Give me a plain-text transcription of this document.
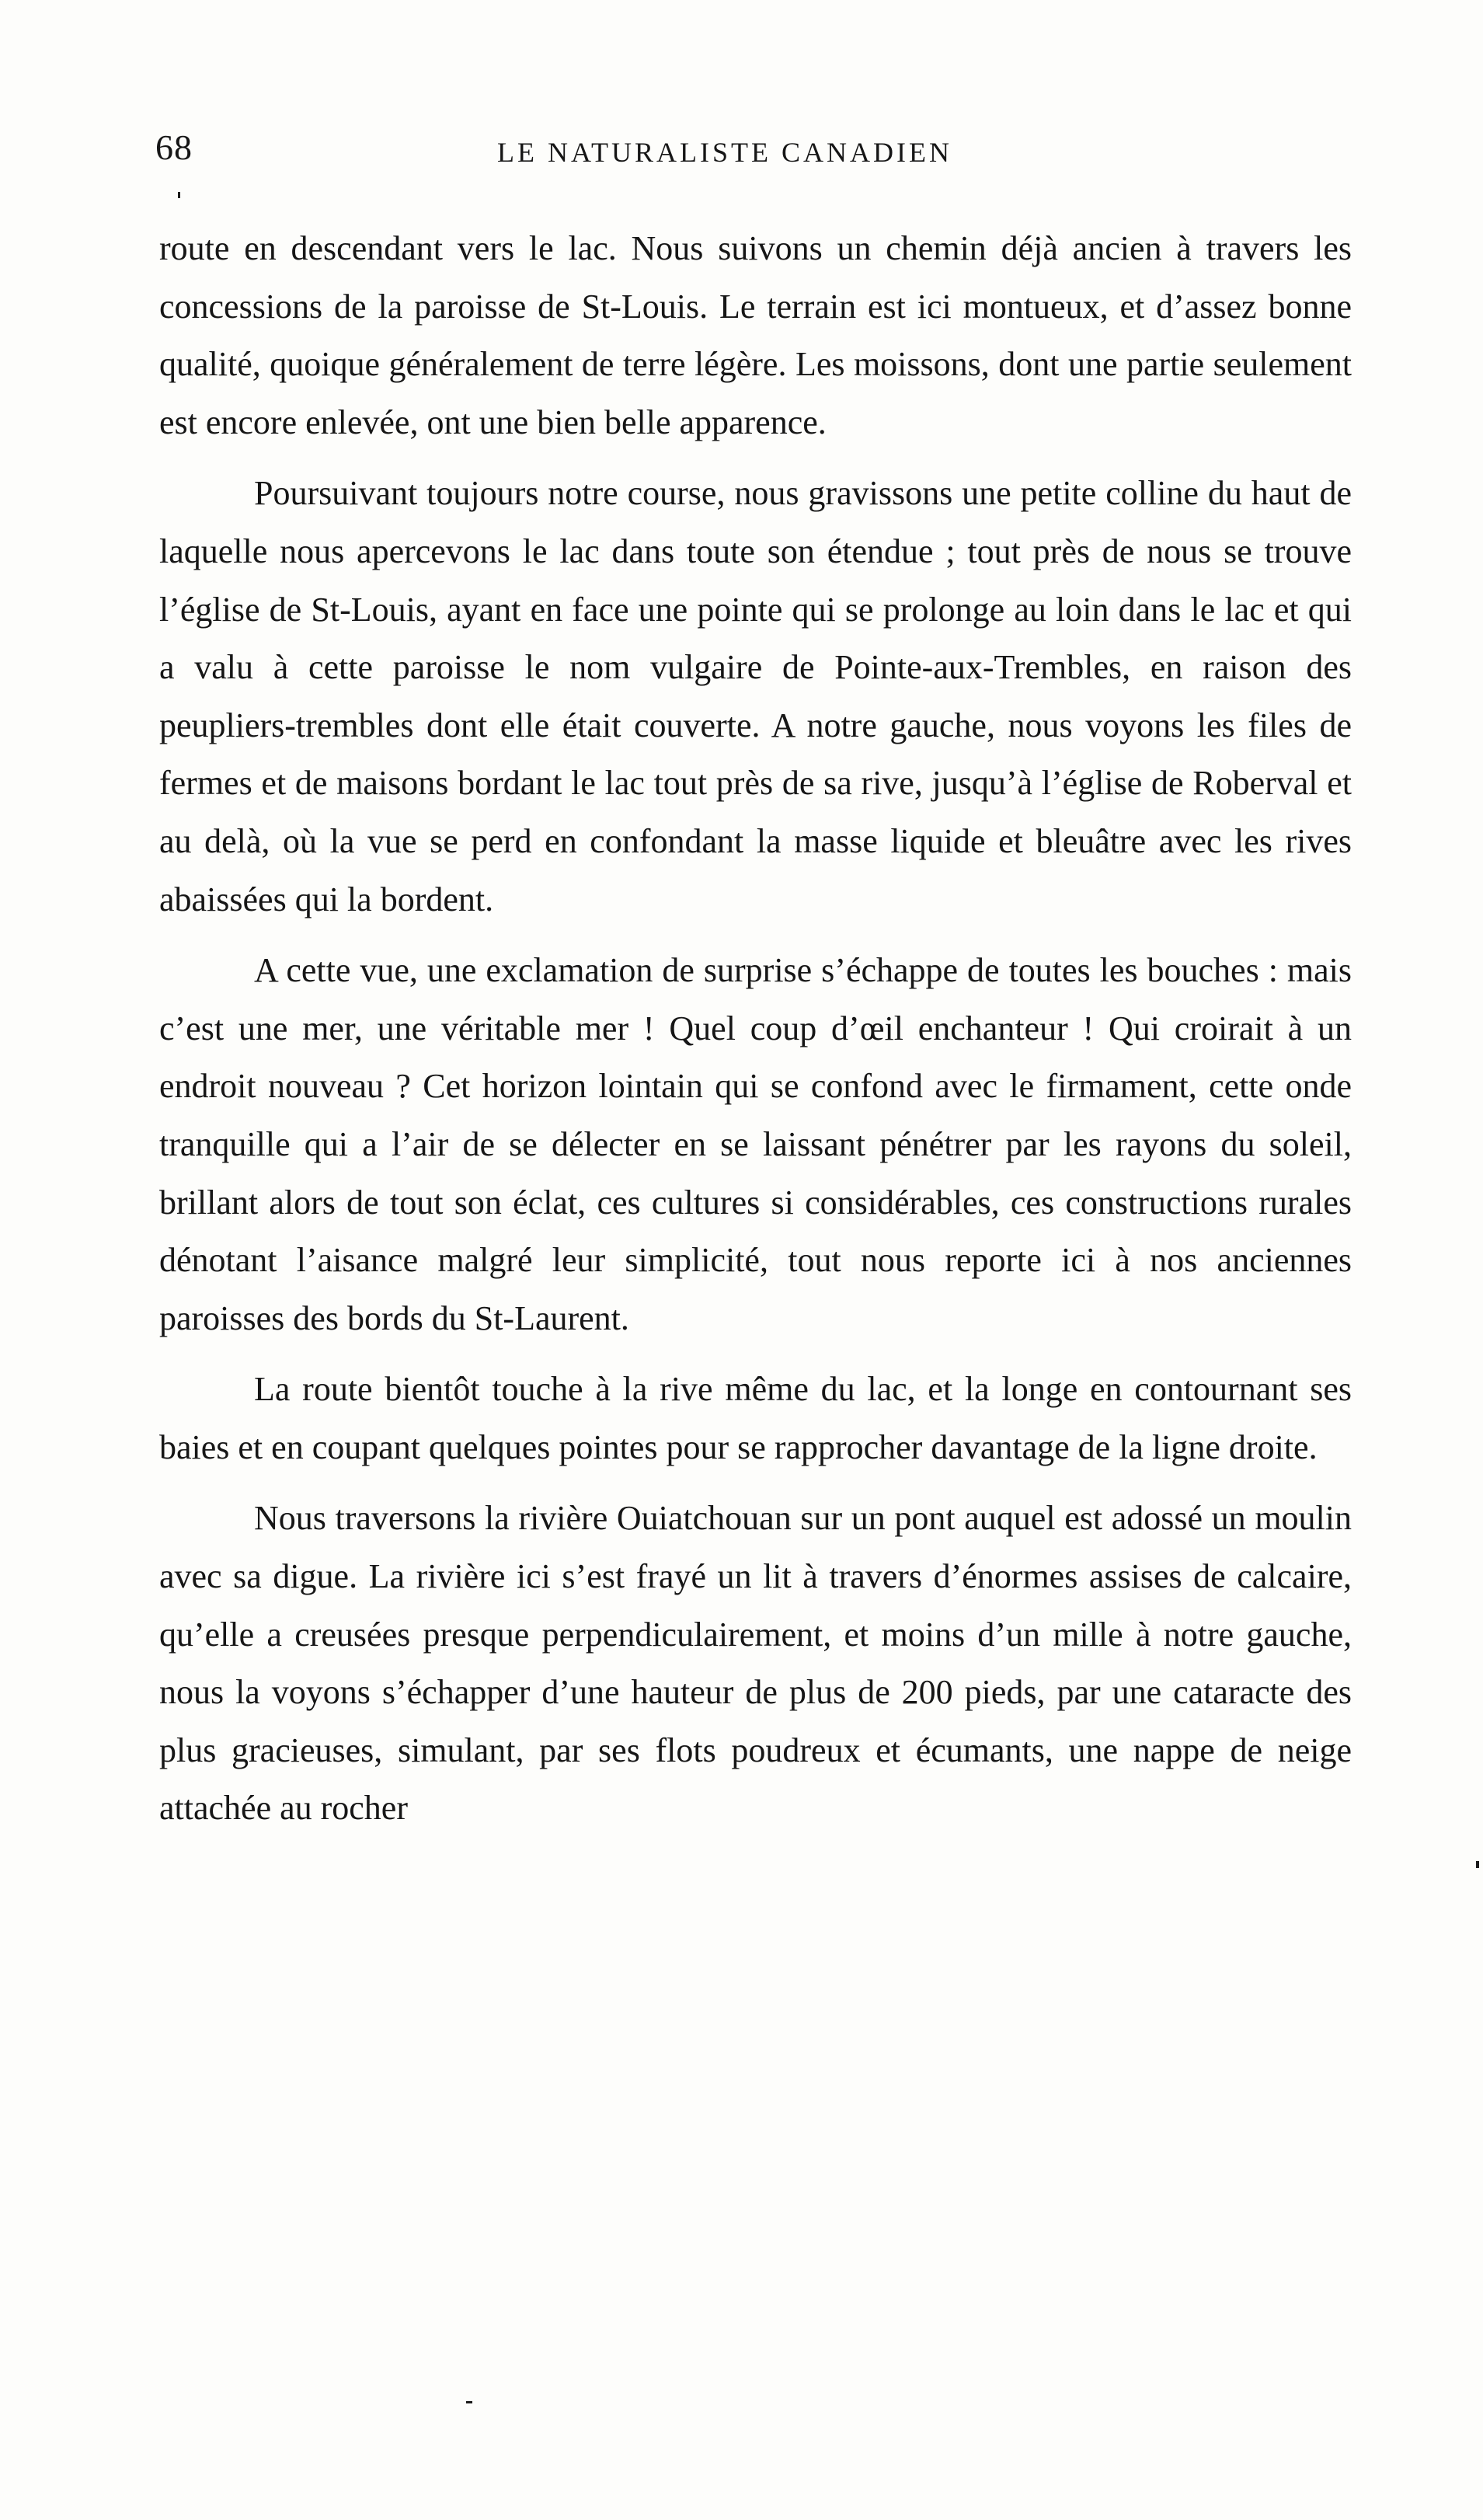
68	LE NATURALISTE CANADIEN

route en descendant vers le lac. Nous suivons un chemin déjà ancien à travers les concessions de la paroisse de St-Louis. Le terrain est ici montueux, et d’assez bonne qualité, quoique généralement de terre légère. Les moissons, dont une partie seulement est encore enlevée, ont une bien belle apparence.

Poursuivant toujours notre course, nous gravissons une petite colline du haut de laquelle nous apercevons le lac dans toute son étendue ; tout près de nous se trouve l’église de St-Louis, ayant en face une pointe qui se prolonge au loin dans le lac et qui a valu à cette paroisse le nom vulgaire de Pointe-aux-Trembles, en raison des peupliers-trembles dont elle était couverte. A notre gauche, nous voyons les files de fermes et de maisons bordant le lac tout près de sa rive, jusqu’à l’église de Roberval et au delà, où la vue se perd en confondant la masse liquide et bleuâtre avec les rives abaissées qui la bordent.

A cette vue, une exclamation de surprise s’échappe de toutes les bouches : mais c’est une mer, une véritable mer ! Quel coup d’œil enchanteur ! Qui croirait à un endroit nouveau ? Cet horizon lointain qui se confond avec le firmament, cette onde tranquille qui a l’air de se délecter en se laissant pénétrer par les rayons du soleil, brillant alors de tout son éclat, ces cultures si considérables, ces constructions rurales dénotant l’aisance malgré leur simplicité, tout nous reporte ici à nos anciennes paroisses des bords du St-Laurent.

La route bientôt touche à la rive même du lac, et la longe en contournant ses baies et en coupant quelques pointes pour se rapprocher davantage de la ligne droite.

Nous traversons la rivière Ouiatchouan sur un pont auquel est adossé un moulin avec sa digue. La rivière ici s’est frayé un lit à travers d’énormes assises de calcaire, qu’elle a creusées presque perpendiculairement, et moins d’un mille à notre gauche, nous la voyons s’échapper d’une hauteur de plus de 200 pieds, par une cataracte des plus gracieuses, simulant, par ses flots poudreux et écumants, une nappe de neige attachée au rocher
